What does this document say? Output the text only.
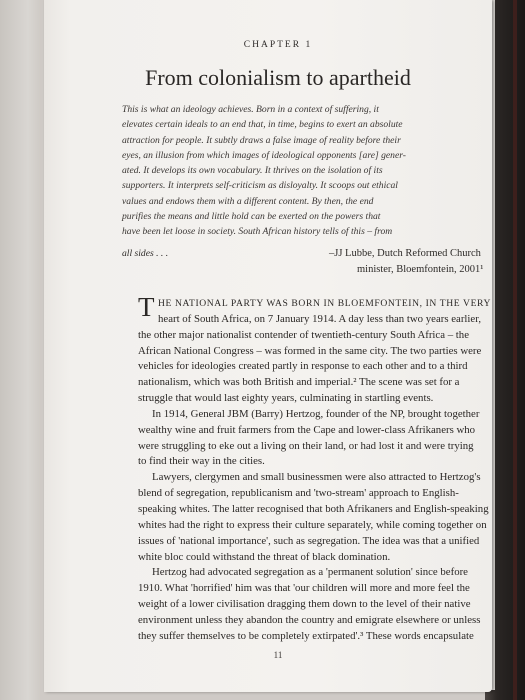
CHAPTER 1
From colonialism to apartheid
This is what an ideology achieves. Born in a context of suffering, it
elevates certain ideals to an end that, in time, begins to exert an absolute
attraction for people. It subtly draws a false image of reality before their
eyes, an illusion from which images of ideological opponents [are] gener-
ated. It develops its own vocabulary. It thrives on the isolation of its
supporters. It interprets self-criticism as disloyalty. It scoops out ethical
values and endows them with a different content. By then, the end
purifies the means and little hold can be exerted on the powers that
have been let loose in society. South African history tells of this – from
all sides . . .	–JJ Lubbe, Dutch Reformed Church
minister, Bloemfontein, 2001¹
T HE NATIONAL PARTY WAS BORN IN BLOEMFONTEIN, IN THE VERY
heart of South Africa, on 7 January 1914. A day less than two years earlier,
the other major nationalist contender of twentieth-century South Africa – the
African National Congress – was formed in the same city. The two parties were
vehicles for ideologies created partly in response to each other and to a third
nationalism, which was both British and imperial.² The scene was set for a
struggle that would last eighty years, culminating in startling events.
In 1914, General JBM (Barry) Hertzog, founder of the NP, brought together
wealthy wine and fruit farmers from the Cape and lower-class Afrikaners who
were struggling to eke out a living on their land, or had lost it and were trying
to find their way in the cities.
Lawyers, clergymen and small businessmen were also attracted to Hertzog's
blend of segregation, republicanism and 'two-stream' approach to English-
speaking whites. The latter recognised that both Afrikaners and English-speaking
whites had the right to express their culture separately, while coming together on
issues of 'national importance', such as segregation. The idea was that a unified
white bloc could withstand the threat of black domination.
Hertzog had advocated segregation as a 'permanent solution' since before
1910. What 'horrified' him was that 'our children will more and more feel the
weight of a lower civilisation dragging them down to the level of their native
environment unless they abandon the country and emigrate elsewhere or unless
they suffer themselves to be completely extirpated'.³ These words encapsulate
11
